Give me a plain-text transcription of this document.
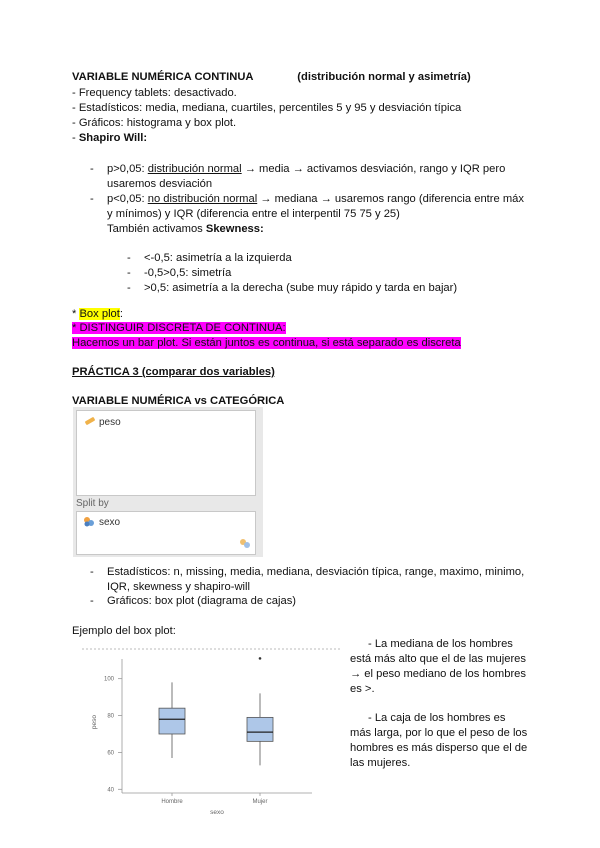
VARIABLE NUMÉRICA CONTINUA	(distribución normal y asimetría)
- Frequency tablets: desactivado.
- Estadísticos: media, mediana, cuartiles, percentiles 5 y 95 y desviación típica
- Gráficos: histograma y box plot.
- Shapiro Will:
- p>0,05: distribución normal → media → activamos desviación, rango y IQR pero
usaremos desviación
- p<0,05: no distribución normal → mediana → usaremos rango (diferencia entre máx
y mínimos) y IQR (diferencia entre el interpentil 75 75 y 25)
También activamos Skewness:
- <-0,5: asimetría a la izquierda
- -0,5>0,5: simetría
- >0,5: asimetría a la derecha (sube muy rápido y tarda en bajar)
* Box plot:
* DISTINGUIR DISCRETA DE CONTINUA:
Hacemos un bar plot. Si están juntos es continua, si está separado es discreta
PRÁCTICA 3 (comparar dos variables)
VARIABLE NUMÉRICA vs CATEGÓRICA
peso
Split by
sexo
- Estadísticos: n, missing, media, mediana, desviación típica, range, maximo, minimo,
IQR, skewness y shapiro-will
- Gráficos: box plot (diagrama de cajas)
Ejemplo del box plot:
40
60
80
100
peso
Hombre	Mujer
sexo
- La mediana de los hombres
está más alto que el de las mujeres
→ el peso mediano de los hombres
es >.
- La caja de los hombres es
más larga, por lo que el peso de los
hombres es más disperso que el de
las mujeres.
